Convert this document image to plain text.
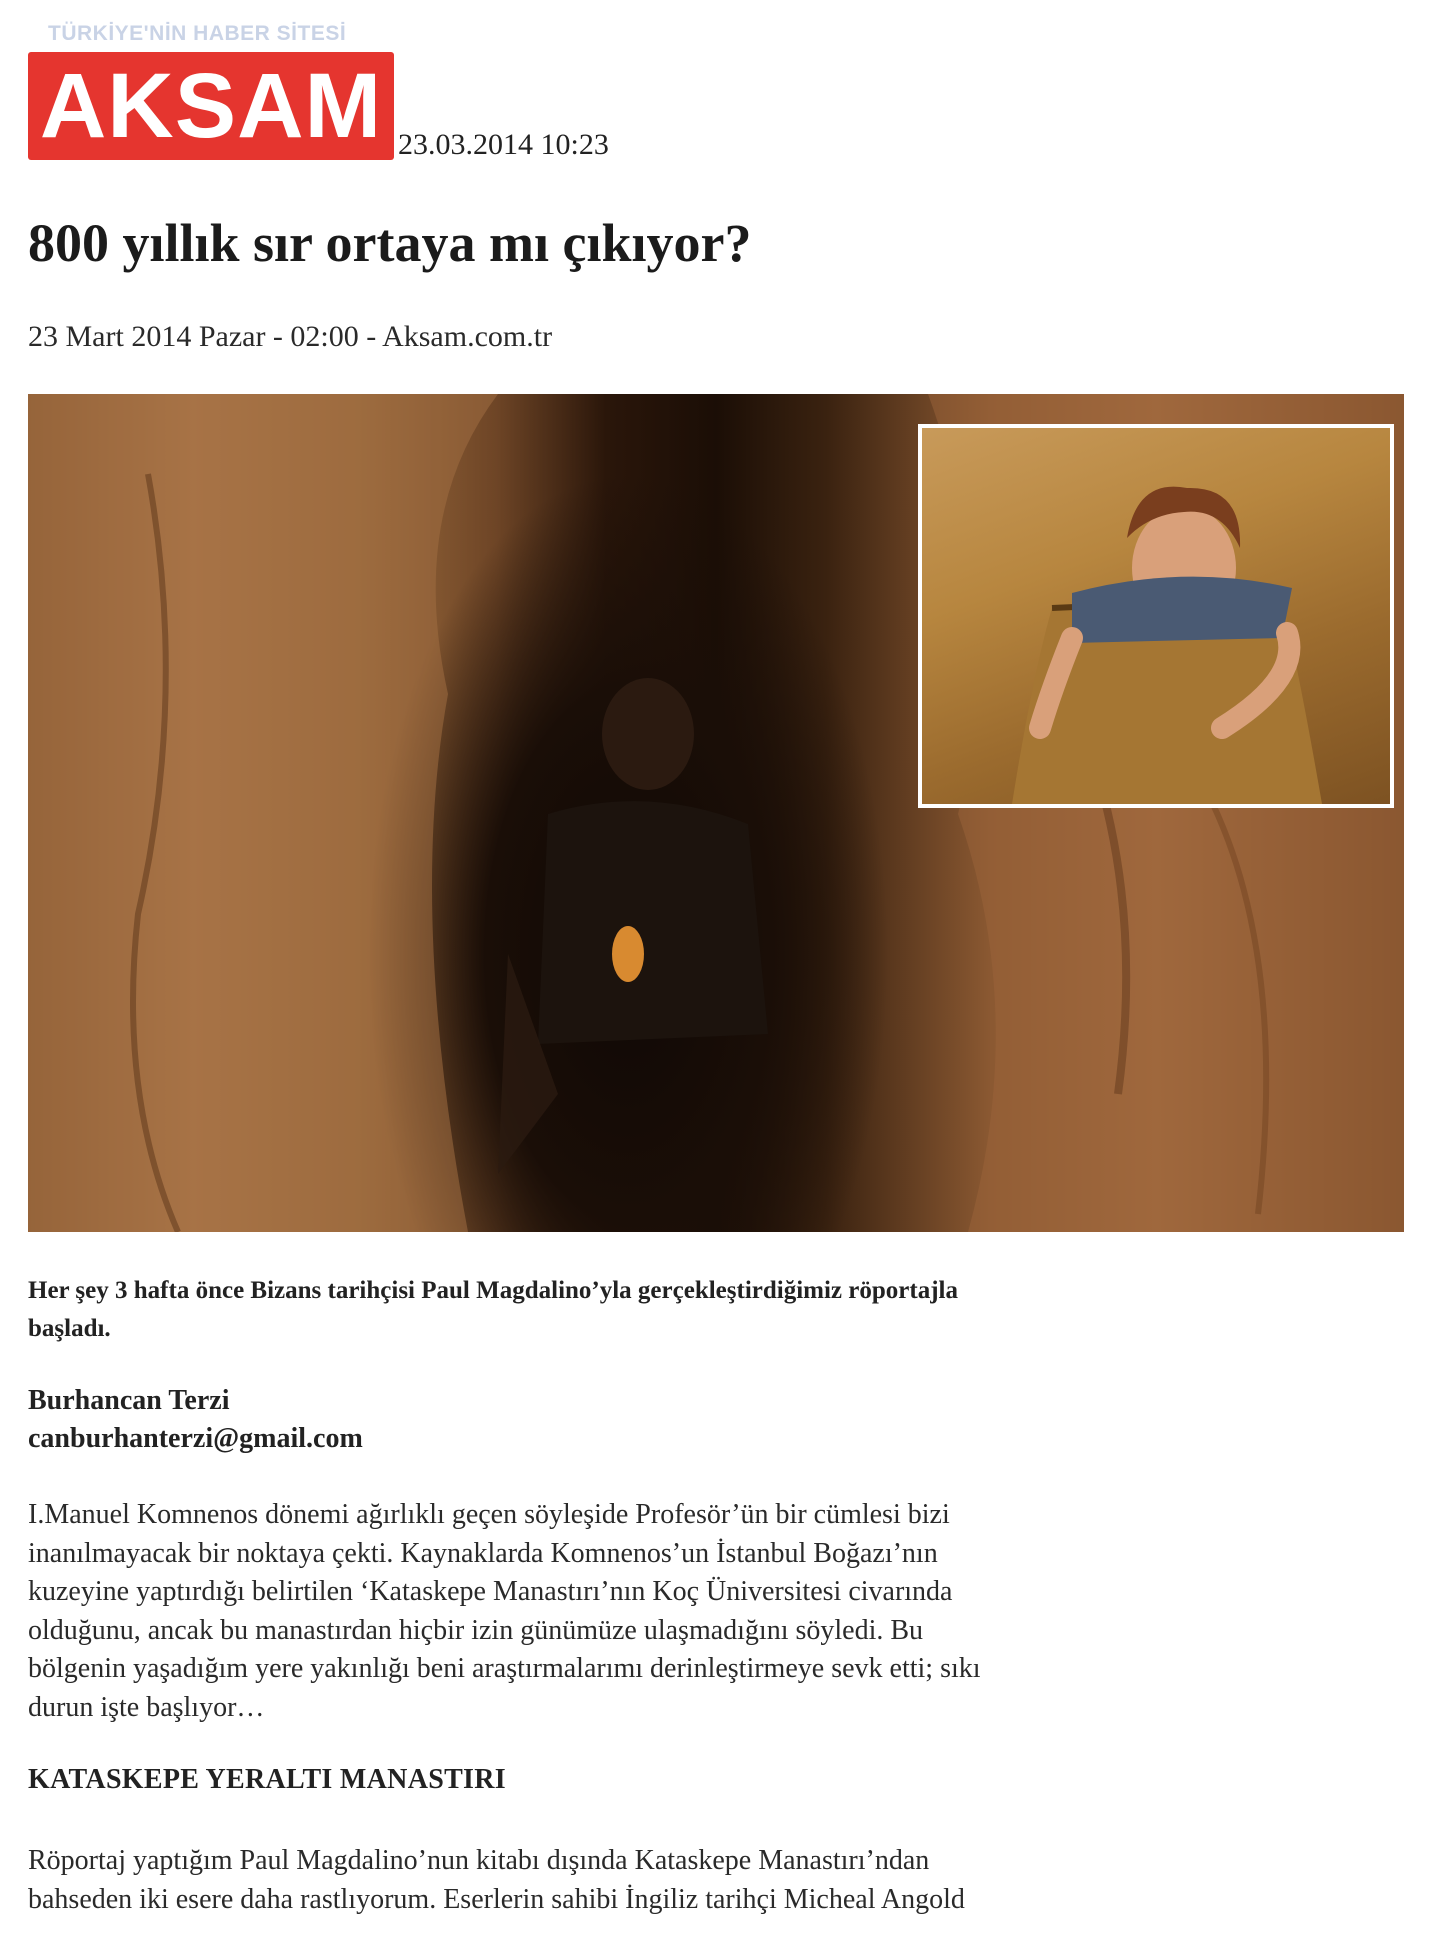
TÜRKİYE'NİN HABER SİTESİ
AKSAM 23.03.2014 10:23
800 yıllık sır ortaya mı çıkıyor?
23 Mart 2014 Pazar - 02:00 - Aksam.com.tr

Her şey 3 hafta önce Bizans tarihçisi Paul Magdalino’yla gerçekleştirdiğimiz röportajla
başladı.

Burhancan Terzi
canburhanterzi@gmail.com

I.Manuel Komnenos dönemi ağırlıklı geçen söyleşide Profesör’ün bir cümlesi bizi
inanılmayacak bir noktaya çekti. Kaynaklarda Komnenos’un İstanbul Boğazı’nın
kuzeyine yaptırdığı belirtilen ‘Kataskepe Manastırı’nın Koç Üniversitesi civarında
olduğunu, ancak bu manastırdan hiçbir izin günümüze ulaşmadığını söyledi. Bu
bölgenin yaşadığım yere yakınlığı beni araştırmalarımı derinleştirmeye sevk etti; sıkı
durun işte başlıyor…

KATASKEPE YERALTI MANASTIRI

Röportaj yaptığım Paul Magdalino’nun kitabı dışında Kataskepe Manastırı’ndan
bahseden iki esere daha rastlıyorum. Eserlerin sahibi İngiliz tarihçi Micheal Angold
